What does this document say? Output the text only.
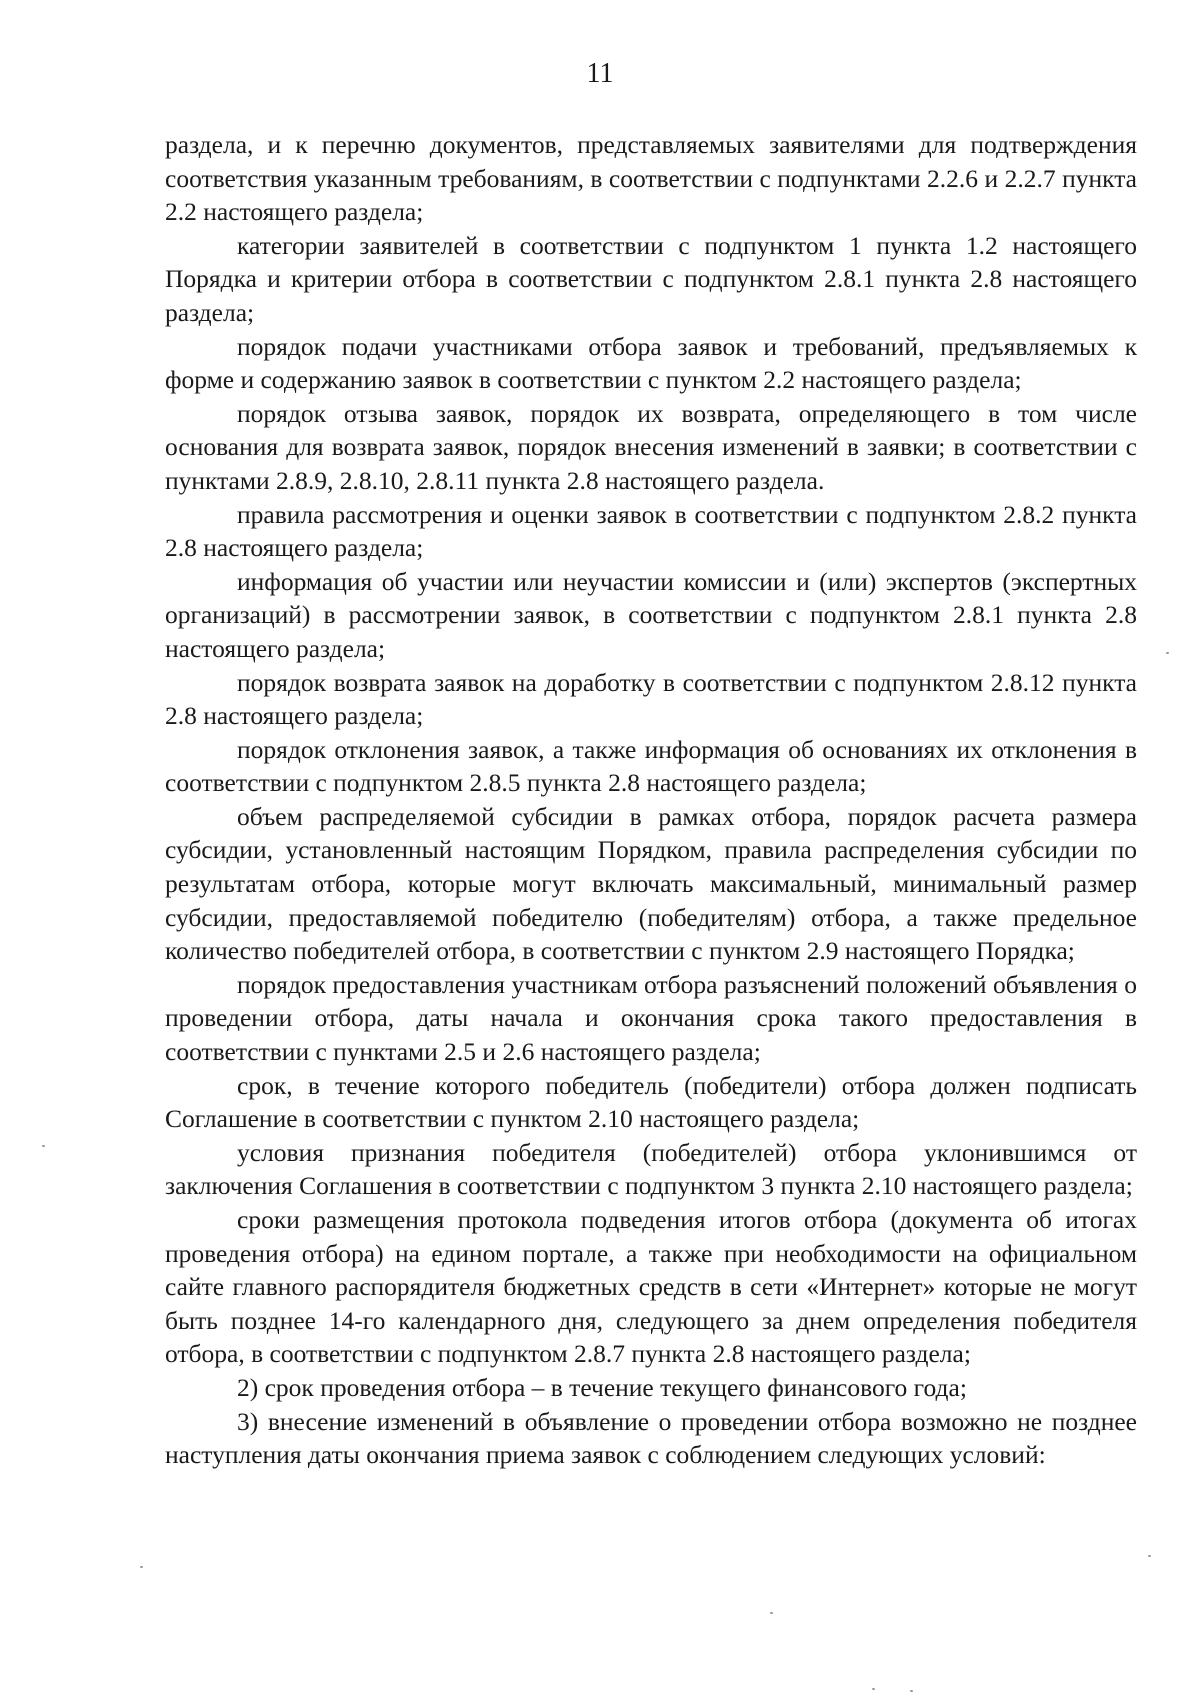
11

раздела, и к перечню документов, представляемых заявителями для подтверждения соответствия указанным требованиям, в соответствии с подпунктами 2.2.6 и 2.2.7 пункта 2.2 настоящего раздела;

категории заявителей в соответствии с подпунктом 1 пункта 1.2 настоящего Порядка и критерии отбора в соответствии с подпунктом 2.8.1 пункта 2.8 настоящего раздела;

порядок подачи участниками отбора заявок и требований, предъявляемых к форме и содержанию заявок в соответствии с пунктом 2.2 настоящего раздела;

порядок отзыва заявок, порядок их возврата, определяющего в том числе основания для возврата заявок, порядок внесения изменений в заявки; в соответствии с пунктами 2.8.9, 2.8.10, 2.8.11 пункта 2.8 настоящего раздела.

правила рассмотрения и оценки заявок в соответствии с подпунктом 2.8.2 пункта 2.8 настоящего раздела;

информация об участии или неучастии комиссии и (или) экспертов (экспертных организаций) в рассмотрении заявок, в соответствии с подпунктом 2.8.1 пункта 2.8 настоящего раздела;

порядок возврата заявок на доработку в соответствии с подпунктом 2.8.12 пункта 2.8 настоящего раздела;

порядок отклонения заявок, а также информация об основаниях их отклонения в соответствии с подпунктом 2.8.5 пункта 2.8 настоящего раздела;

объем распределяемой субсидии в рамках отбора, порядок расчета размера субсидии, установленный настоящим Порядком, правила распределения субсидии по результатам отбора, которые могут включать максимальный, минимальный размер субсидии, предоставляемой победителю (победителям) отбора, а также предельное количество победителей отбора, в соответствии с пунктом 2.9 настоящего Порядка;

порядок предоставления участникам отбора разъяснений положений объявления о проведении отбора, даты начала и окончания срока такого предоставления в соответствии с пунктами 2.5 и 2.6 настоящего раздела;

срок, в течение которого победитель (победители) отбора должен подписать Соглашение в соответствии с пунктом 2.10 настоящего раздела;

условия признания победителя (победителей) отбора уклонившимся от заключения Соглашения в соответствии с подпунктом 3 пункта 2.10 настоящего раздела;

сроки размещения протокола подведения итогов отбора (документа об итогах проведения отбора) на едином портале, а также при необходимости на официальном сайте главного распорядителя бюджетных средств в сети «Интернет» которые не могут быть позднее 14-го календарного дня, следующего за днем определения победителя отбора, в соответствии с подпунктом 2.8.7 пункта 2.8 настоящего раздела;

2) срок проведения отбора – в течение текущего финансового года;

3) внесение изменений в объявление о проведении отбора возможно не позднее наступления даты окончания приема заявок с соблюдением следующих условий:
